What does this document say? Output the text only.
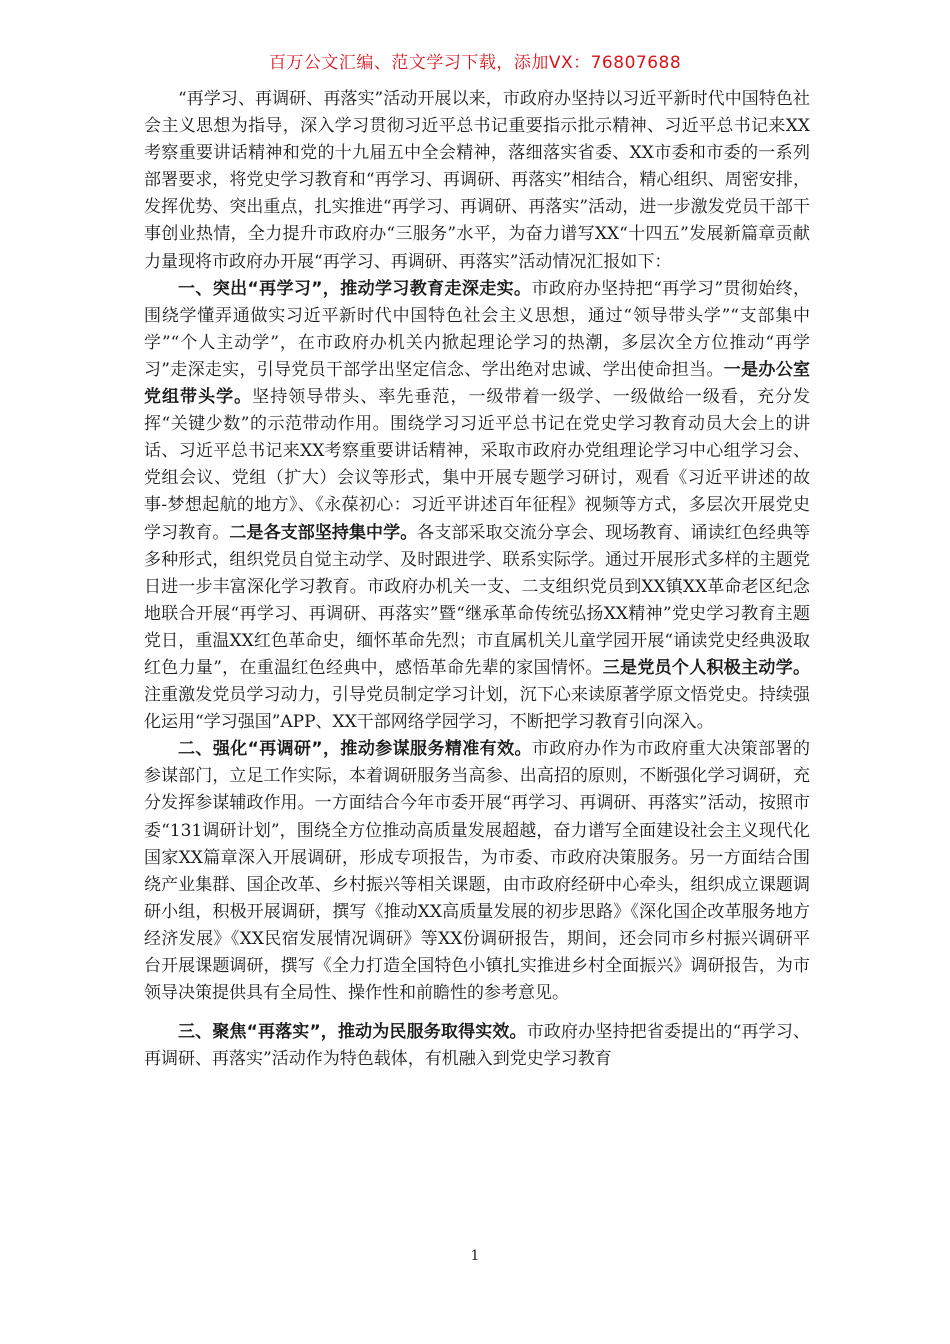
百万公文汇编、范文学习下载，添加VX：76807688

“再学习、再调研、再落实”活动开展以来，市政府办坚持以习近平新时代中国特色社会主义思想为指导，深入学习贯彻习近平总书记重要指示批示精神、习近平总书记来XX考察重要讲话精神和党的十九届五中全会精神，落细落实省委、XX市委和市委的一系列部署要求，将党史学习教育和“再学习、再调研、再落实”相结合，精心组织、周密安排，发挥优势、突出重点，扎实推进“再学习、再调研、再落实”活动，进一步激发党员干部干事创业热情，全力提升市政府办“三服务”水平，为奋力谱写XX“十四五”发展新篇章贡献力量现将市政府办开展“再学习、再调研、再落实”活动情况汇报如下：

一、突出“再学习”，推动学习教育走深走实。市政府办坚持把“再学习”贯彻始终，围绕学懂弄通做实习近平新时代中国特色社会主义思想，通过“领导带头学”“支部集中学”“个人主动学”，在市政府办机关内掀起理论学习的热潮，多层次全方位推动“再学习”走深走实，引导党员干部学出坚定信念、学出绝对忠诚、学出使命担当。一是办公室党组带头学。坚持领导带头、率先垂范，一级带着一级学、一级做给一级看，充分发挥“关键少数”的示范带动作用。围绕学习习近平总书记在党史学习教育动员大会上的讲话、习近平总书记来XX考察重要讲话精神，采取市政府办党组理论学习中心组学习会、党组会议、党组（扩大）会议等形式，集中开展专题学习研讨，观看《习近平讲述的故事-梦想起航的地方》、《永葆初心：习近平讲述百年征程》视频等方式，多层次开展党史学习教育。二是各支部坚持集中学。各支部采取交流分享会、现场教育、诵读红色经典等多种形式，组织党员自觉主动学、及时跟进学、联系实际学。通过开展形式多样的主题党日进一步丰富深化学习教育。市政府办机关一支、二支组织党员到XX镇XX革命老区纪念地联合开展“再学习、再调研、再落实”暨“继承革命传统弘扬XX精神”党史学习教育主题党日，重温XX红色革命史，缅怀革命先烈；市直属机关儿童学园开展“诵读党史经典汲取红色力量”，在重温红色经典中，感悟革命先辈的家国情怀。三是党员个人积极主动学。注重激发党员学习动力，引导党员制定学习计划，沉下心来读原著学原文悟党史。持续强化运用“学习强国”APP、XX干部网络学园学习，不断把学习教育引向深入。

二、强化“再调研”，推动参谋服务精准有效。市政府办作为市政府重大决策部署的参谋部门，立足工作实际，本着调研服务当高参、出高招的原则，不断强化学习调研，充分发挥参谋辅政作用。一方面结合今年市委开展“再学习、再调研、再落实”活动，按照市委“131调研计划”，围绕全方位推动高质量发展超越，奋力谱写全面建设社会主义现代化国家XX篇章深入开展调研，形成专项报告，为市委、市政府决策服务。另一方面结合围绕产业集群、国企改革、乡村振兴等相关课题，由市政府经研中心牵头，组织成立课题调研小组，积极开展调研，撰写《推动XX高质量发展的初步思路》《深化国企改革服务地方经济发展》《XX民宿发展情况调研》等XX份调研报告，期间，还会同市乡村振兴调研平台开展课题调研，撰写《全力打造全国特色小镇扎实推进乡村全面振兴》调研报告，为市领导决策提供具有全局性、操作性和前瞻性的参考意见。

三、聚焦“再落实”，推动为民服务取得实效。市政府办坚持把省委提出的“再学习、再调研、再落实”活动作为特色载体，有机融入到党史学习教育

1
